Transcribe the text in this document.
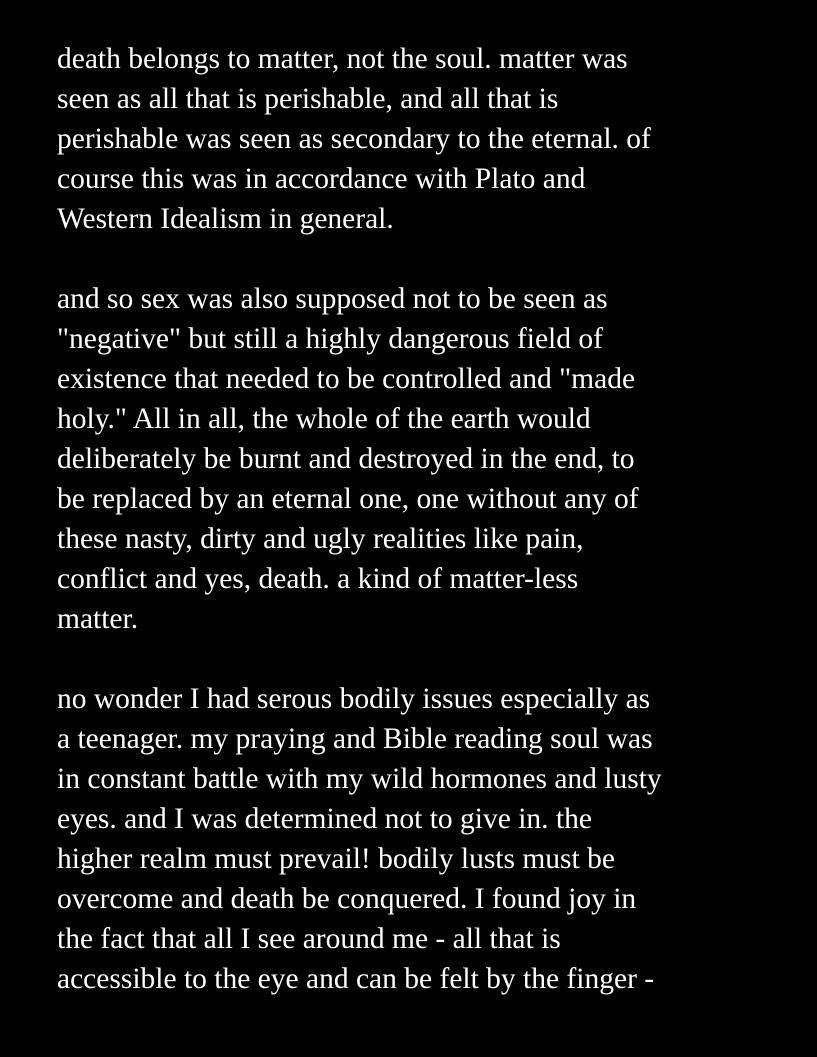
death belongs to matter, not the soul. matter was
seen as all that is perishable, and all that is
perishable was seen as secondary to the eternal. of
course this was in accordance with Plato and
Western Idealism in general.

and so sex was also supposed not to be seen as
"negative" but still a highly dangerous field of
existence that needed to be controlled and "made
holy." All in all, the whole of the earth would
deliberately be burnt and destroyed in the end, to
be replaced by an eternal one, one without any of
these nasty, dirty and ugly realities like pain,
conflict and yes, death. a kind of matter-less
matter.

no wonder I had serous bodily issues especially as
a teenager. my praying and Bible reading soul was
in constant battle with my wild hormones and lusty
eyes. and I was determined not to give in. the
higher realm must prevail! bodily lusts must be
overcome and death be conquered. I found joy in
the fact that all I see around me - all that is
accessible to the eye and can be felt by the finger -
